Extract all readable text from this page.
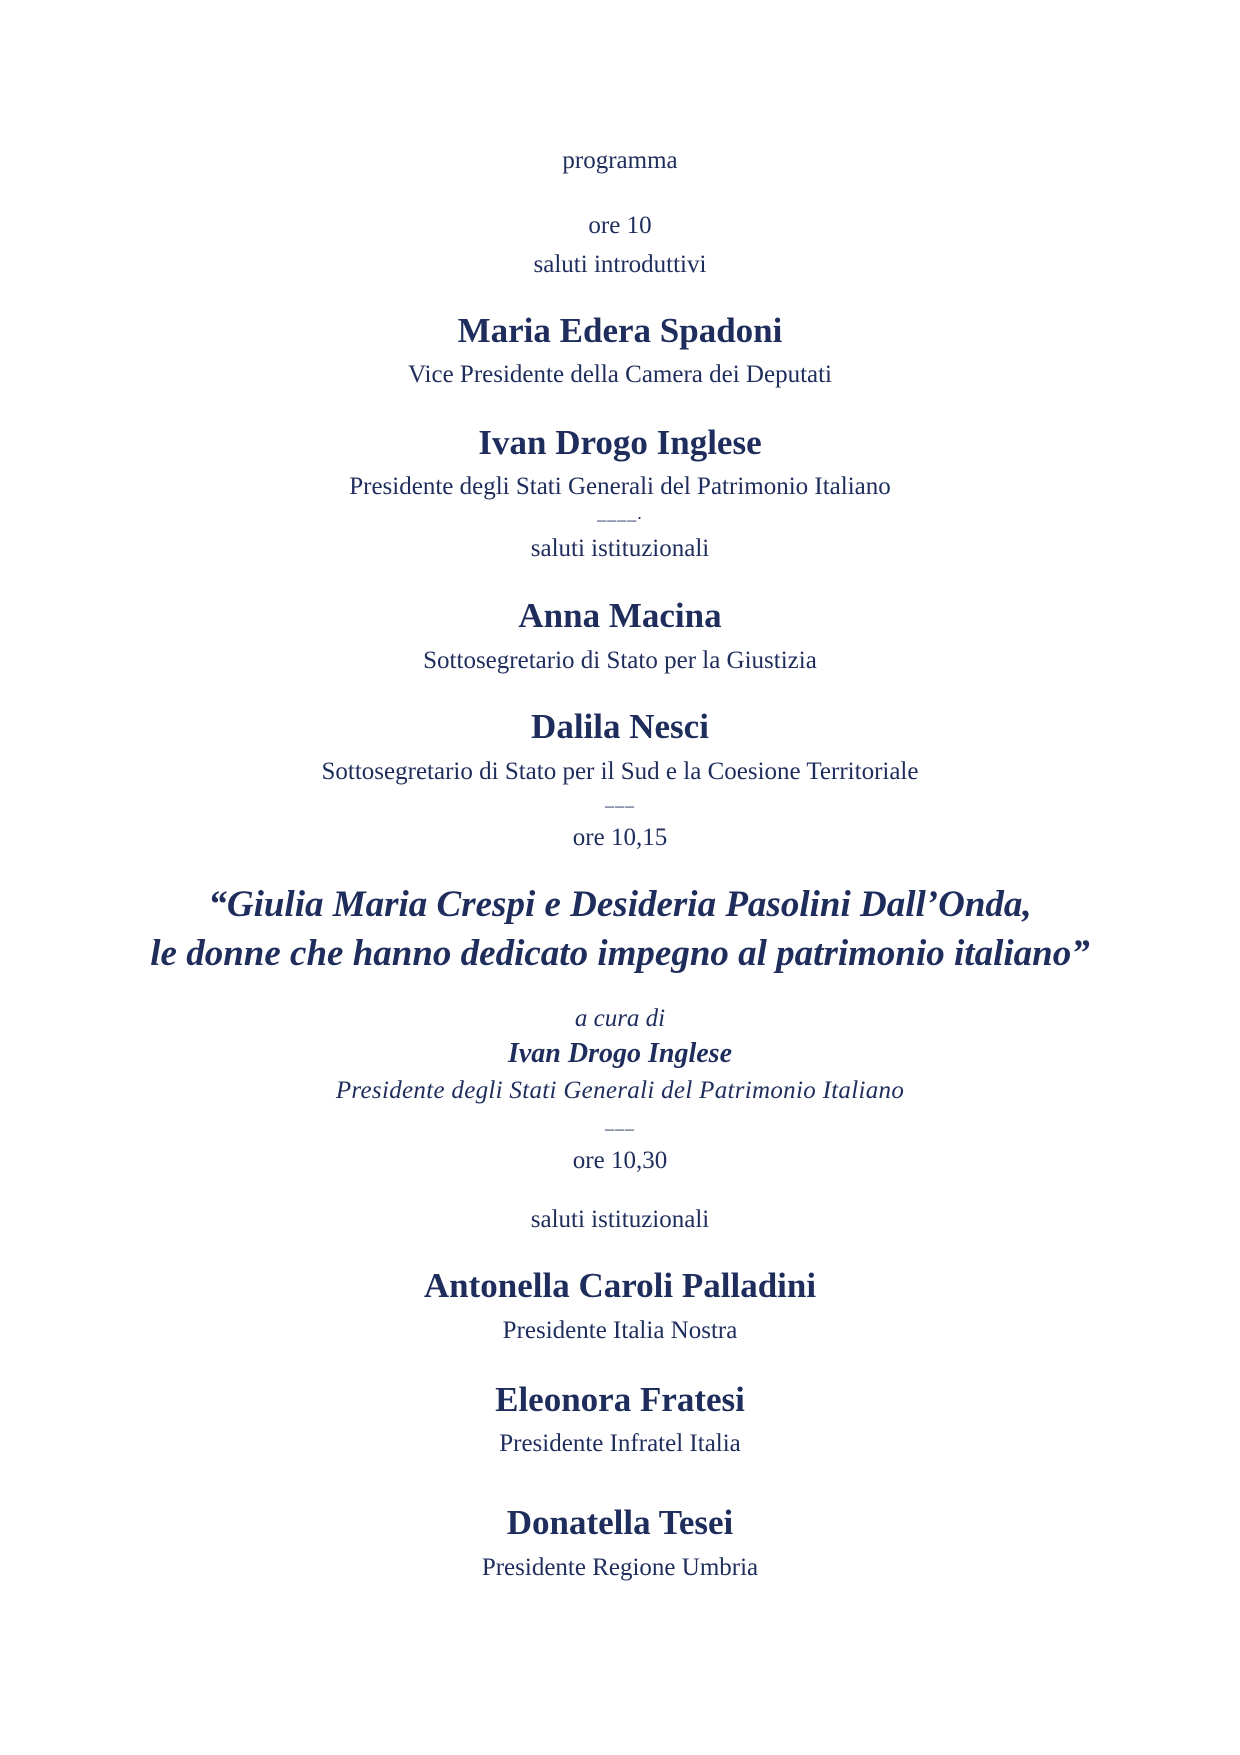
programma
ore 10
saluti introduttivi
Maria Edera Spadoni
Vice Presidente della Camera dei Deputati
Ivan Drogo Inglese
Presidente degli Stati Generali del Patrimonio Italiano
____.
saluti istituzionali
Anna Macina
Sottosegretario di Stato per la Giustizia
Dalila Nesci
Sottosegretario di Stato per il Sud e la Coesione Territoriale
___
ore 10,15
“Giulia Maria Crespi e Desideria Pasolini Dall’Onda,
le donne che hanno dedicato impegno al patrimonio italiano”
a cura di
Ivan Drogo Inglese
Presidente degli Stati Generali del Patrimonio Italiano
___
ore 10,30
saluti istituzionali
Antonella Caroli Palladini
Presidente Italia Nostra
Eleonora Fratesi
Presidente Infratel Italia
Donatella Tesei
Presidente Regione Umbria
